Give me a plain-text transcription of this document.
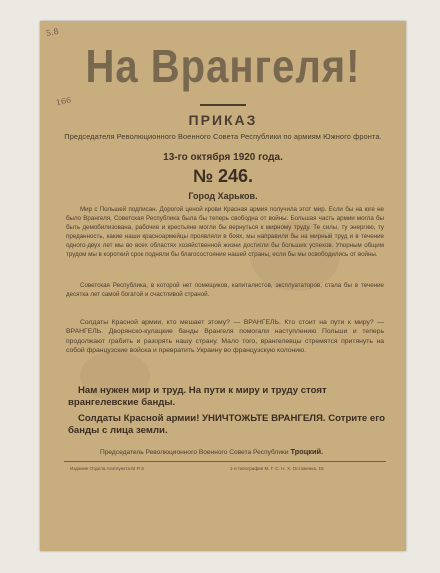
5.8
166
На Врангеля!
ПРИКАЗ
Председателя Революционного Военного Совета Республики по армиям Южного фронта.
13-го октября 1920 года.
№ 246.
Город Харьков.
Мир с Польшей подписан. Дорогой ценой крови Красная армия получила этот мир. Если бы на юге не было Врангеля, Советская Республика была бы теперь свободна от войны. Большая часть армии могла бы быть демобилизована, рабочие и крестьяне могли бы вернуться к мирному труду. Те силы, ту энергию, ту преданность, какие наши красноармейцы проявляли в боях, мы направили бы на мирный труд и в течение одного-двух лет мы во всех областях хозяйственной жизни достигли бы больших успехов. Упорным общим трудом мы в короткий срок подняли бы благосостояние нашей страны, если бы мы освободились от войны.
Советская Республика, в которой нет помещиков, капиталистов, эксплуататоров, стала бы в течение десятка лет самой богатой и счастливой страной.
Солдаты Красной армии, кто мешает этому? — ВРАНГЕЛЬ. Кто стоит на пути к миру? — ВРАНГЕЛЬ. Дворянско-кулацкие банды Врангеля помогали наступлению Польши и теперь продолжают грабить и разорять нашу страну. Мало того, врангелевцы стремятся притянуть на собой французские войска и превратить Украину во французскую колонию.
Нам нужен мир и труд. На пути к миру и труду стоят врангелевские банды.
Солдаты Красной армии! УНИЧТОЖЬТЕ ВРАНГЕЛЯ. Сотрите его банды с лица земли.
Председатель Революционного Военного Совета Республики Троцкий.
Издание Отдела Агитпункта М Я З	1-я типография М. Г. С. Н. Х. Остоженка, 15
